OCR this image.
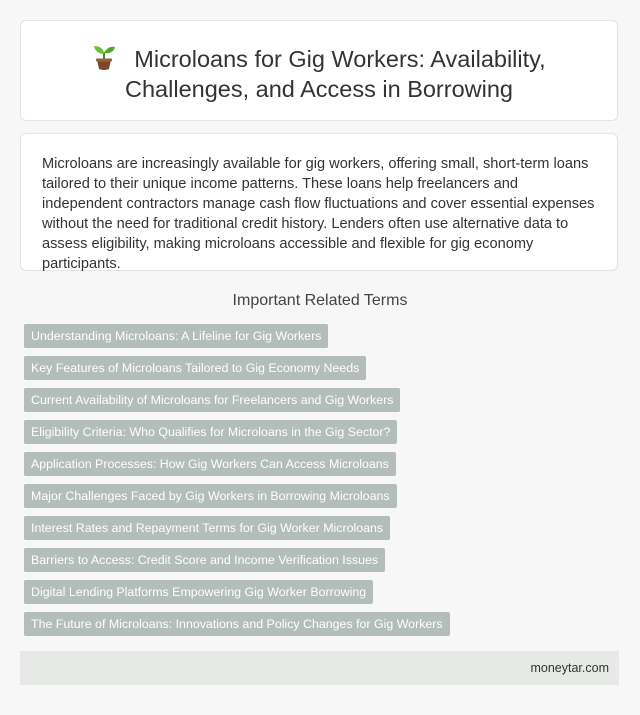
Microloans for Gig Workers: Availability,
Challenges, and Access in Borrowing
Microloans are increasingly available for gig workers, offering small, short-term loans tailored to their unique income patterns. These loans help freelancers and independent contractors manage cash flow fluctuations and cover essential expenses without the need for traditional credit history. Lenders often use alternative data to assess eligibility, making microloans accessible and flexible for gig economy participants.
Important Related Terms
Understanding Microloans: A Lifeline for Gig Workers
Key Features of Microloans Tailored to Gig Economy Needs
Current Availability of Microloans for Freelancers and Gig Workers
Eligibility Criteria: Who Qualifies for Microloans in the Gig Sector?
Application Processes: How Gig Workers Can Access Microloans
Major Challenges Faced by Gig Workers in Borrowing Microloans
Interest Rates and Repayment Terms for Gig Worker Microloans
Barriers to Access: Credit Score and Income Verification Issues
Digital Lending Platforms Empowering Gig Worker Borrowing
The Future of Microloans: Innovations and Policy Changes for Gig Workers
moneytar.com
